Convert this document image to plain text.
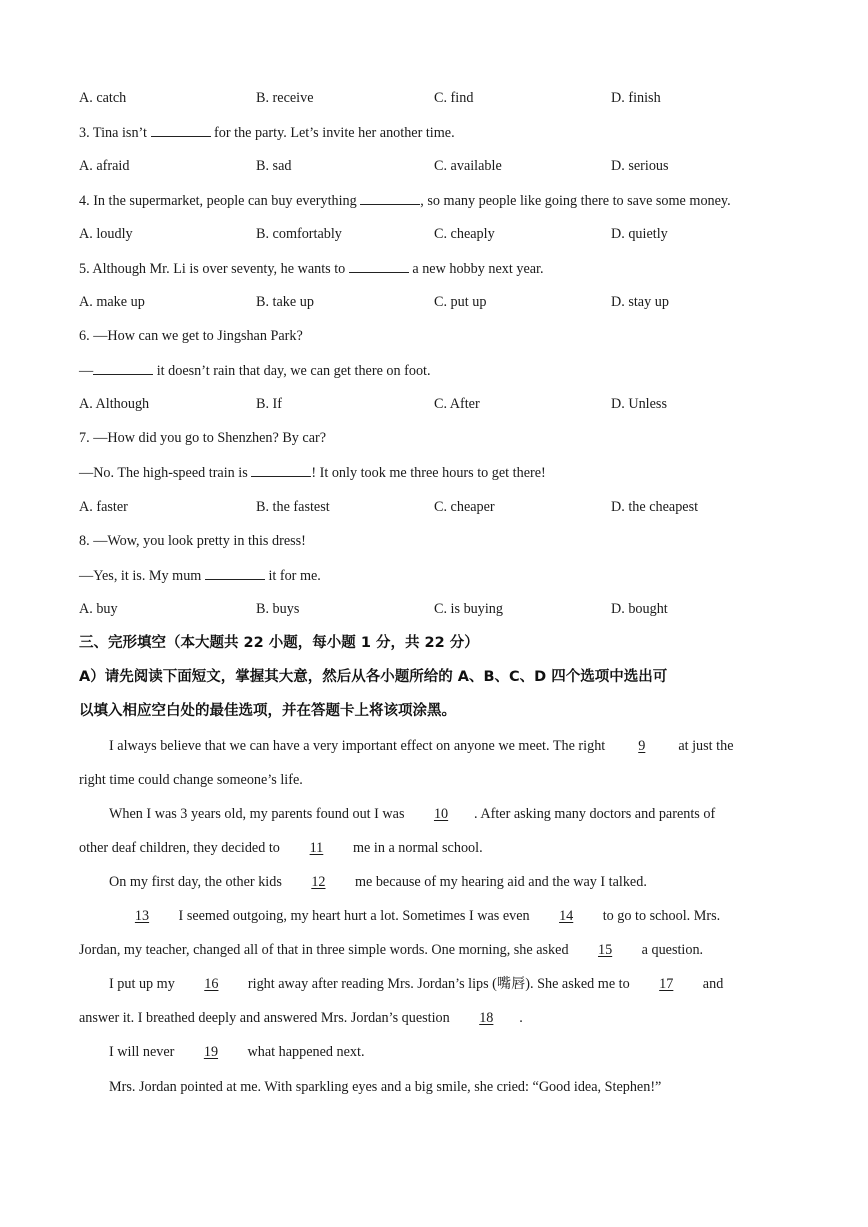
A. catch	B. receive	C. find	D. finish
3. Tina isn’t	for the party. Let’s invite her another time.
A. afraid	B. sad	C. available	D. serious
4. In the supermarket, people can buy everything	, so many people like going there to save some money.
A. loudly	B. comfortably	C. cheaply	D. quietly
5. Although Mr. Li is over seventy, he wants to	a new hobby next year.
A. make up	B. take up	C. put up	D. stay up
6. —How can we get to Jingshan Park?
—	it doesn’t rain that day, we can get there on foot.
A. Although	B. If	C. After	D. Unless
7. —How did you go to Shenzhen? By car?
—No. The high-speed train is	! It only took me three hours to get there!
A. faster	B. the fastest	C. cheaper	D. the cheapest
8. —Wow, you look pretty in this dress!
—Yes, it is. My mum	it for me.
A. buy	B. buys	C. is buying	D. bought
三、完形填空（本大题共 22 小题，每小题 1 分，共 22 分）
A）请先阅读下面短文，掌握其大意，然后从各小题所给的 A、B、C、D 四个选项中选出可
以填入相应空白处的最佳选项，并在答题卡上将该项涂黑。
I always believe that we can have a very important effect on anyone we meet. The right 9 at just the
right time could change someone’s life.
When I was 3 years old, my parents found out I was 10 . After asking many doctors and parents of
other deaf children, they decided to 11 me in a normal school.
On my first day, the other kids 12 me because of my hearing aid and the way I talked.
13 I seemed outgoing, my heart hurt a lot. Sometimes I was even 14 to go to school. Mrs.
Jordan, my teacher, changed all of that in three simple words. One morning, she asked 15 a question.
I put up my 16 right away after reading Mrs. Jordan’s lips (嘴唇). She asked me to 17 and
answer it. I breathed deeply and answered Mrs. Jordan’s question 18 .
I will never 19 what happened next.
Mrs. Jordan pointed at me. With sparkling eyes and a big smile, she cried: “Good idea, Stephen!”
